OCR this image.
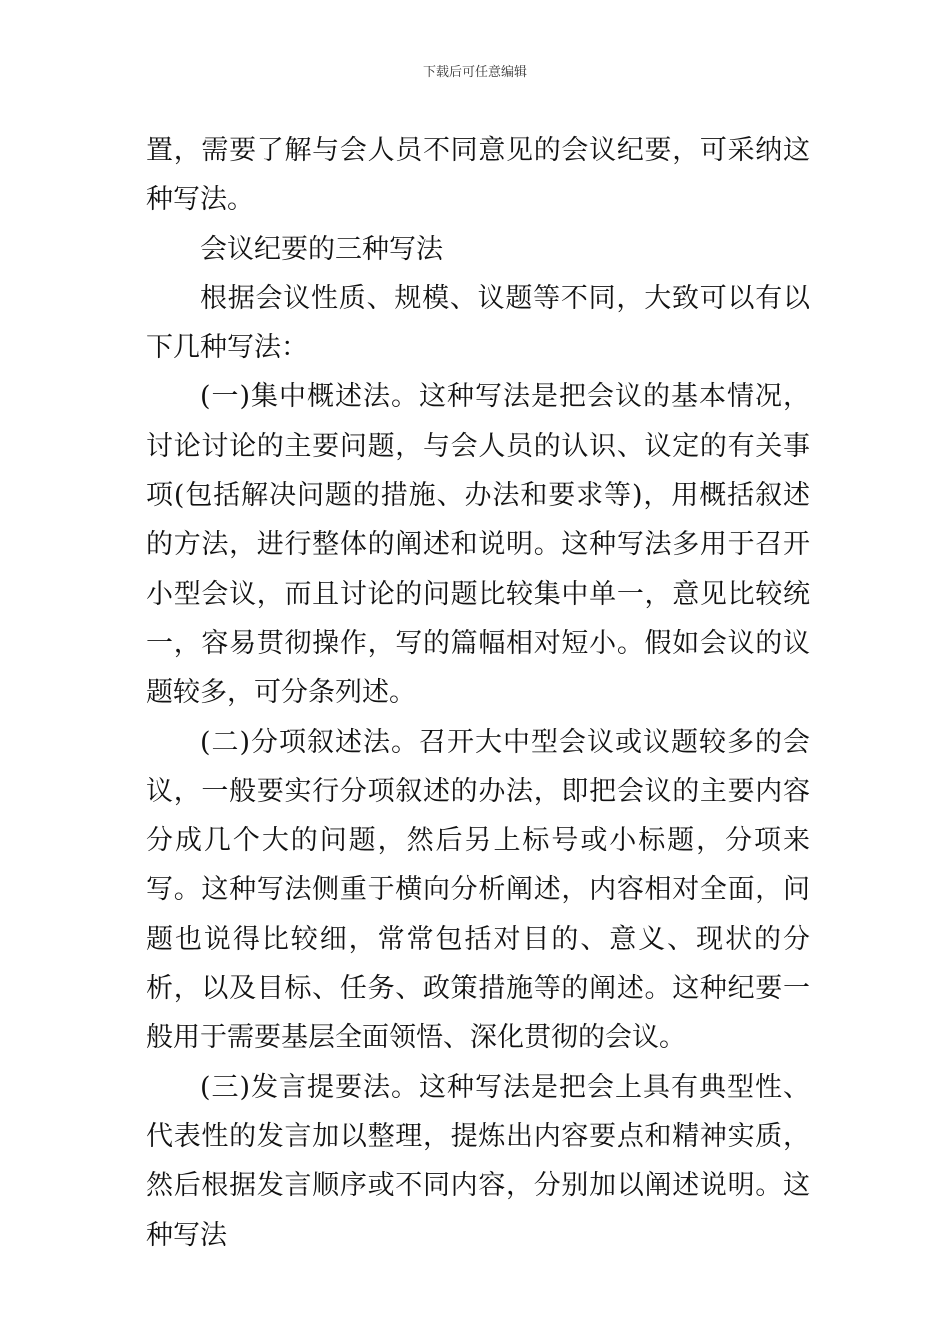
下载后可任意编辑

置，需要了解与会人员不同意见的会议纪要，可采纳这种写法。

会议纪要的三种写法

根据会议性质、规模、议题等不同，大致可以有以下几种写法：

(一)集中概述法。这种写法是把会议的基本情况，讨论讨论的主要问题，与会人员的认识、议定的有关事项(包括解决问题的措施、办法和要求等)，用概括叙述的方法，进行整体的阐述和说明。这种写法多用于召开小型会议，而且讨论的问题比较集中单一，意见比较统一，容易贯彻操作，写的篇幅相对短小。假如会议的议题较多，可分条列述。

(二)分项叙述法。召开大中型会议或议题较多的会议，一般要实行分项叙述的办法，即把会议的主要内容分成几个大的问题，然后另上标号或小标题，分项来写。这种写法侧重于横向分析阐述，内容相对全面，问题也说得比较细，常常包括对目的、意义、现状的分析，以及目标、任务、政策措施等的阐述。这种纪要一般用于需要基层全面领悟、深化贯彻的会议。

(三)发言提要法。这种写法是把会上具有典型性、代表性的发言加以整理，提炼出内容要点和精神实质，然后根据发言顺序或不同内容，分别加以阐述说明。这种写法
